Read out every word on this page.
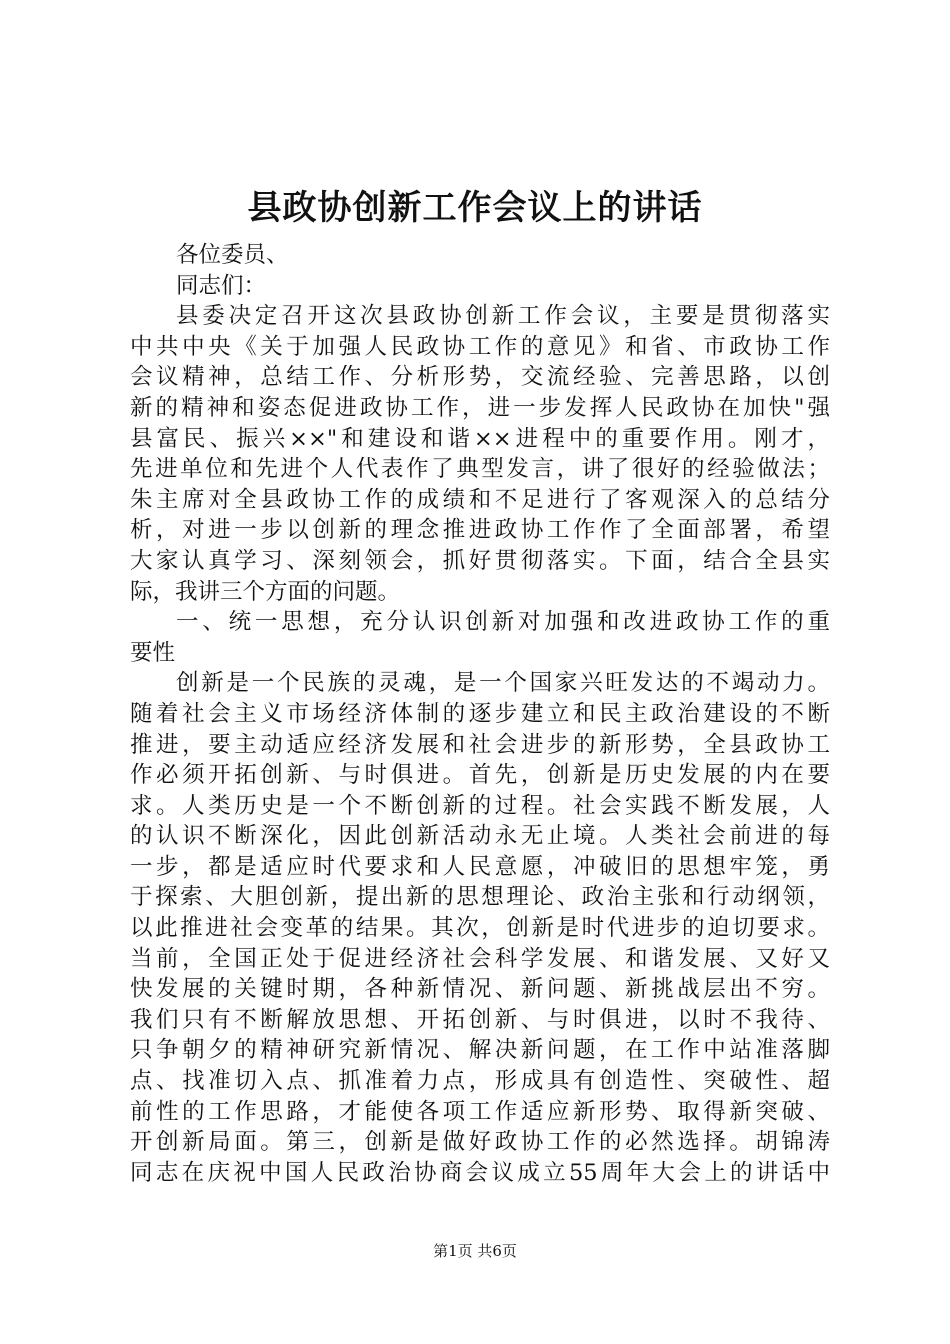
县政协创新工作会议上的讲话
各位委员、
同志们：
县委决定召开这次县政协创新工作会议，主要是贯彻落实
中共中央《关于加强人民政协工作的意见》和省、市政协工作
会议精神，总结工作、分析形势，交流经验、完善思路，以创
新的精神和姿态促进政协工作，进一步发挥人民政协在加快"强
县富民、振兴××"和建设和谐××进程中的重要作用。刚才，
先进单位和先进个人代表作了典型发言，讲了很好的经验做法；
朱主席对全县政协工作的成绩和不足进行了客观深入的总结分
析，对进一步以创新的理念推进政协工作作了全面部署，希望
大家认真学习、深刻领会，抓好贯彻落实。下面，结合全县实
际，我讲三个方面的问题。
一、统一思想，充分认识创新对加强和改进政协工作的重
要性
创新是一个民族的灵魂，是一个国家兴旺发达的不竭动力。
随着社会主义市场经济体制的逐步建立和民主政治建设的不断
推进，要主动适应经济发展和社会进步的新形势，全县政协工
作必须开拓创新、与时俱进。首先，创新是历史发展的内在要
求。人类历史是一个不断创新的过程。社会实践不断发展，人
的认识不断深化，因此创新活动永无止境。人类社会前进的每
一步，都是适应时代要求和人民意愿，冲破旧的思想牢笼，勇
于探索、大胆创新，提出新的思想理论、政治主张和行动纲领，
以此推进社会变革的结果。其次，创新是时代进步的迫切要求。
当前，全国正处于促进经济社会科学发展、和谐发展、又好又
快发展的关键时期，各种新情况、新问题、新挑战层出不穷。
我们只有不断解放思想、开拓创新、与时俱进，以时不我待、
只争朝夕的精神研究新情况、解决新问题，在工作中站准落脚
点、找准切入点、抓准着力点，形成具有创造性、突破性、超
前性的工作思路，才能使各项工作适应新形势、取得新突破、
开创新局面。第三，创新是做好政协工作的必然选择。胡锦涛
同志在庆祝中国人民政治协商会议成立55周年大会上的讲话中
第1页 共6页
